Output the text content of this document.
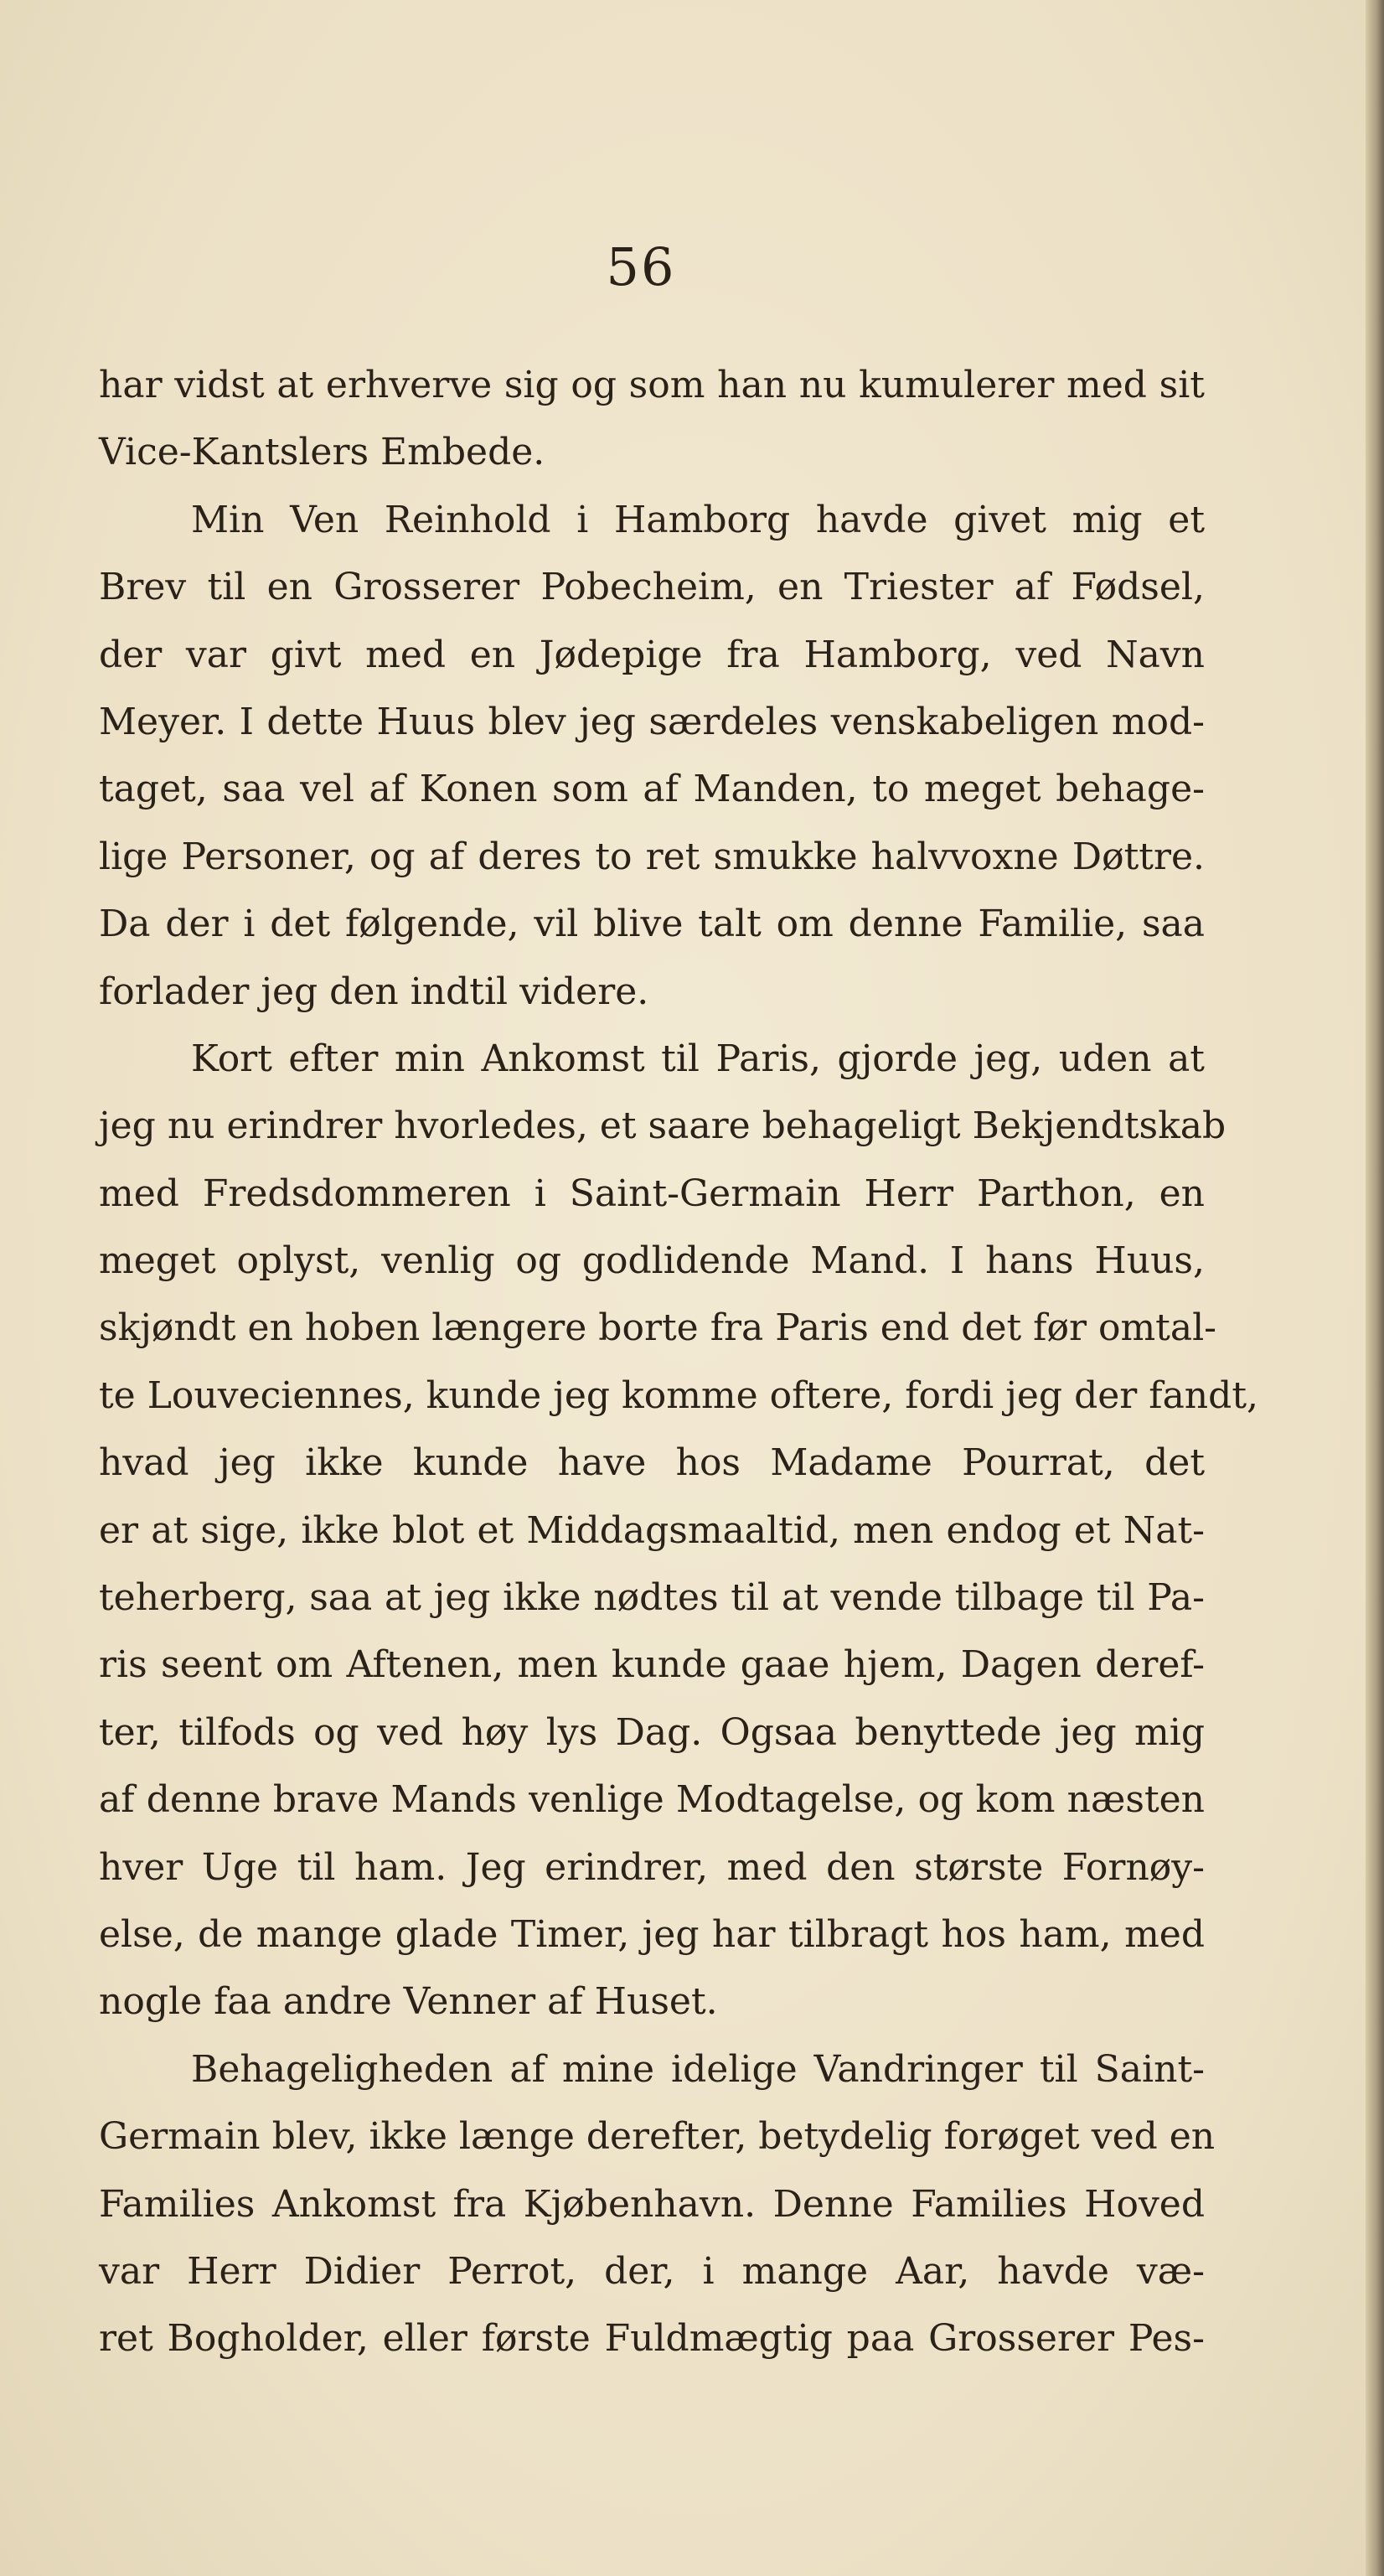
56
har vidst at erhverve sig og som han nu kumulerer med sit
Vice-Kantslers Embede.
Min Ven Reinhold i Hamborg havde givet mig et
Brev til en Grosserer Pobecheim, en Triester af Fødsel,
der var givt med en Jødepige fra Hamborg, ved Navn
Meyer. I dette Huus blev jeg særdeles venskabeligen mod-
taget, saa vel af Konen som af Manden, to meget behage-
lige Personer, og af deres to ret smukke halvvoxne Døttre.
Da der i det følgende, vil blive talt om denne Familie, saa
forlader jeg den indtil videre.
Kort efter min Ankomst til Paris, gjorde jeg, uden at
jeg nu erindrer hvorledes, et saare behageligt Bekjendtskab
med Fredsdommeren i Saint-Germain Herr Parthon, en
meget oplyst, venlig og godlidende Mand. I hans Huus,
skjøndt en hoben længere borte fra Paris end det før omtal-
te Louveciennes, kunde jeg komme oftere, fordi jeg der fandt,
hvad jeg ikke kunde have hos Madame Pourrat, det
er at sige, ikke blot et Middagsmaaltid, men endog et Nat-
teherberg, saa at jeg ikke nødtes til at vende tilbage til Pa-
ris seent om Aftenen, men kunde gaae hjem, Dagen deref-
ter, tilfods og ved høy lys Dag. Ogsaa benyttede jeg mig
af denne brave Mands venlige Modtagelse, og kom næsten
hver Uge til ham. Jeg erindrer, med den største Fornøy-
else, de mange glade Timer, jeg har tilbragt hos ham, med
nogle faa andre Venner af Huset.
Behageligheden af mine idelige Vandringer til Saint-
Germain blev, ikke længe derefter, betydelig forøget ved en
Families Ankomst fra Kjøbenhavn. Denne Families Hoved
var Herr Didier Perrot, der, i mange Aar, havde væ-
ret Bogholder, eller første Fuldmægtig paa Grosserer Pes-
